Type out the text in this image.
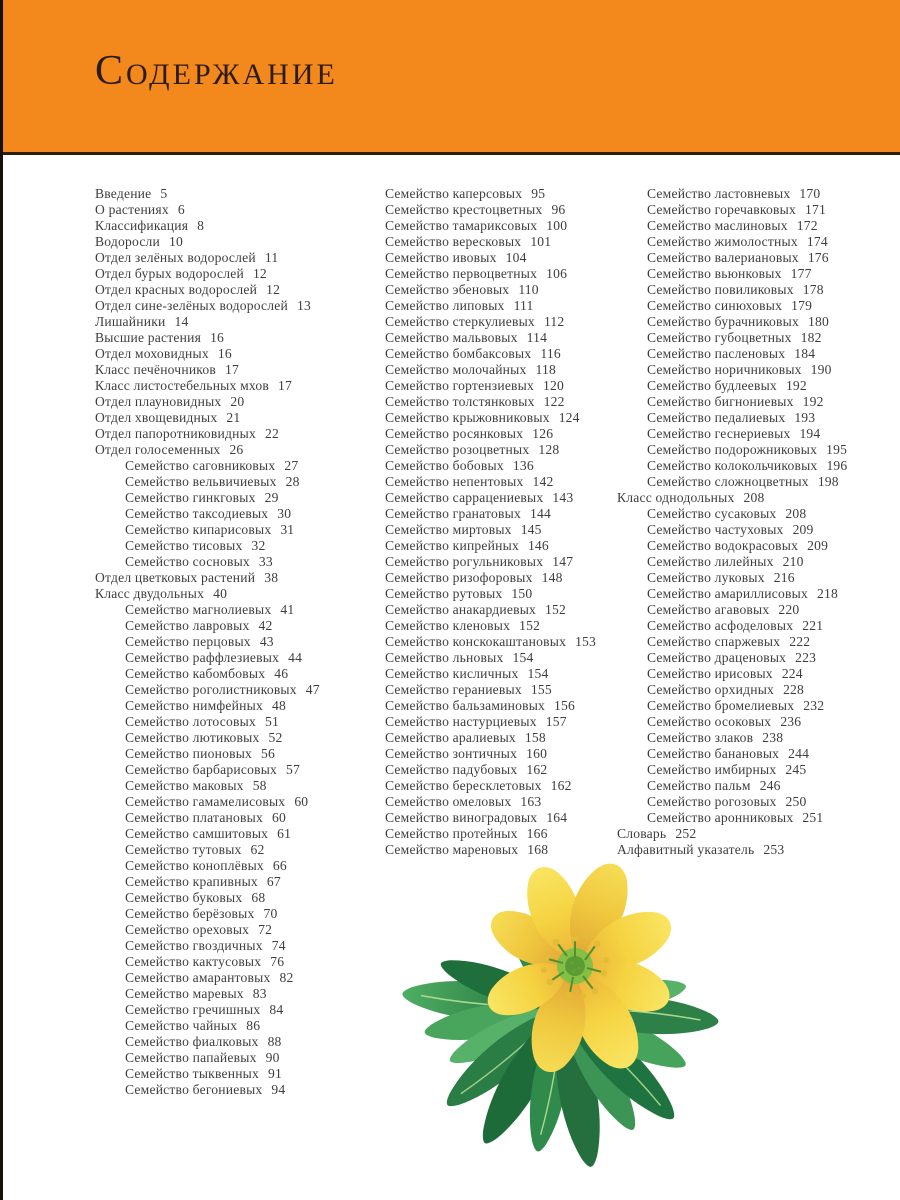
СОДЕРЖАНИЕ
Введение 5
О растениях 6
Классификация 8
Водоросли 10
Отдел зелёных водорослей 11
Отдел бурых водорослей 12
Отдел красных водорослей 12
Отдел сине-зелёных водорослей 13
Лишайники 14
Высшие растения 16
Отдел моховидных 16
Класс печёночников 17
Класс листостебельных мхов 17
Отдел плауновидных 20
Отдел хвощевидных 21
Отдел папоротниковидных 22
Отдел голосеменных 26
Семейство саговниковых 27
Семейство вельвичиевых 28
Семейство гинкговых 29
Семейство таксодиевых 30
Семейство кипарисовых 31
Семейство тисовых 32
Семейство сосновых 33
Отдел цветковых растений 38
Класс двудольных 40
Семейство магнолиевых 41
Семейство лавровых 42
Семейство перцовых 43
Семейство раффлезиевых 44
Семейство кабомбовых 46
Семейство роголистниковых 47
Семейство нимфейных 48
Семейство лотосовых 51
Семейство лютиковых 52
Семейство пионовых 56
Семейство барбарисовых 57
Семейство маковых 58
Семейство гамамелисовых 60
Семейство платановых 60
Семейство самшитовых 61
Семейство тутовых 62
Семейство коноплёвых 66
Семейство крапивных 67
Семейство буковых 68
Семейство берёзовых 70
Семейство ореховых 72
Семейство гвоздичных 74
Семейство кактусовых 76
Семейство амарантовых 82
Семейство маревых 83
Семейство гречишных 84
Семейство чайных 86
Семейство фиалковых 88
Семейство папайевых 90
Семейство тыквенных 91
Семейство бегониевых 94
Семейство каперсовых 95
Семейство крестоцветных 96
Семейство тамариксовых 100
Семейство вересковых 101
Семейство ивовых 104
Семейство первоцветных 106
Семейство эбеновых 110
Семейство липовых 111
Семейство стеркулиевых 112
Семейство мальвовых 114
Семейство бомбаксовых 116
Семейство молочайных 118
Семейство гортензиевых 120
Семейство толстянковых 122
Семейство крыжовниковых 124
Семейство росянковых 126
Семейство розоцветных 128
Семейство бобовых 136
Семейство непентовых 142
Семейство саррацениевых 143
Семейство гранатовых 144
Семейство миртовых 145
Семейство кипрейных 146
Семейство рогульниковых 147
Семейство ризофоровых 148
Семейство рутовых 150
Семейство анакардиевых 152
Семейство кленовых 152
Семейство конскокаштановых 153
Семейство льновых 154
Семейство кисличных 154
Семейство гераниевых 155
Семейство бальзаминовых 156
Семейство настурциевых 157
Семейство аралиевых 158
Семейство зонтичных 160
Семейство падубовых 162
Семейство бересклетовых 162
Семейство омеловых 163
Семейство виноградовых 164
Семейство протейных 166
Семейство мареновых 168
Семейство ластовневых 170
Семейство горечавковых 171
Семейство маслиновых 172
Семейство жимолостных 174
Семейство валериановых 176
Семейство вьюнковых 177
Семейство повиликовых 178
Семейство синюховых 179
Семейство бурачниковых 180
Семейство губоцветных 182
Семейство пасленовых 184
Семейство норичниковых 190
Семейство будлеевых 192
Семейство бигнониевых 192
Семейство педалиевых 193
Семейство геснериевых 194
Семейство подорожниковых 195
Семейство колокольчиковых 196
Семейство сложноцветных 198
Класс однодольных 208
Семейство сусаковых 208
Семейство частуховых 209
Семейство водокрасовых 209
Семейство лилейных 210
Семейство луковых 216
Семейство амариллисовых 218
Семейство агавовых 220
Семейство асфоделовых 221
Семейство спаржевых 222
Семейство драценовых 223
Семейство ирисовых 224
Семейство орхидных 228
Семейство бромелиевых 232
Семейство осоковых 236
Семейство злаков 238
Семейство банановых 244
Семейство имбирных 245
Семейство пальм 246
Семейство рогозовых 250
Семейство аронниковых 251
Словарь 252
Алфавитный указатель 253
